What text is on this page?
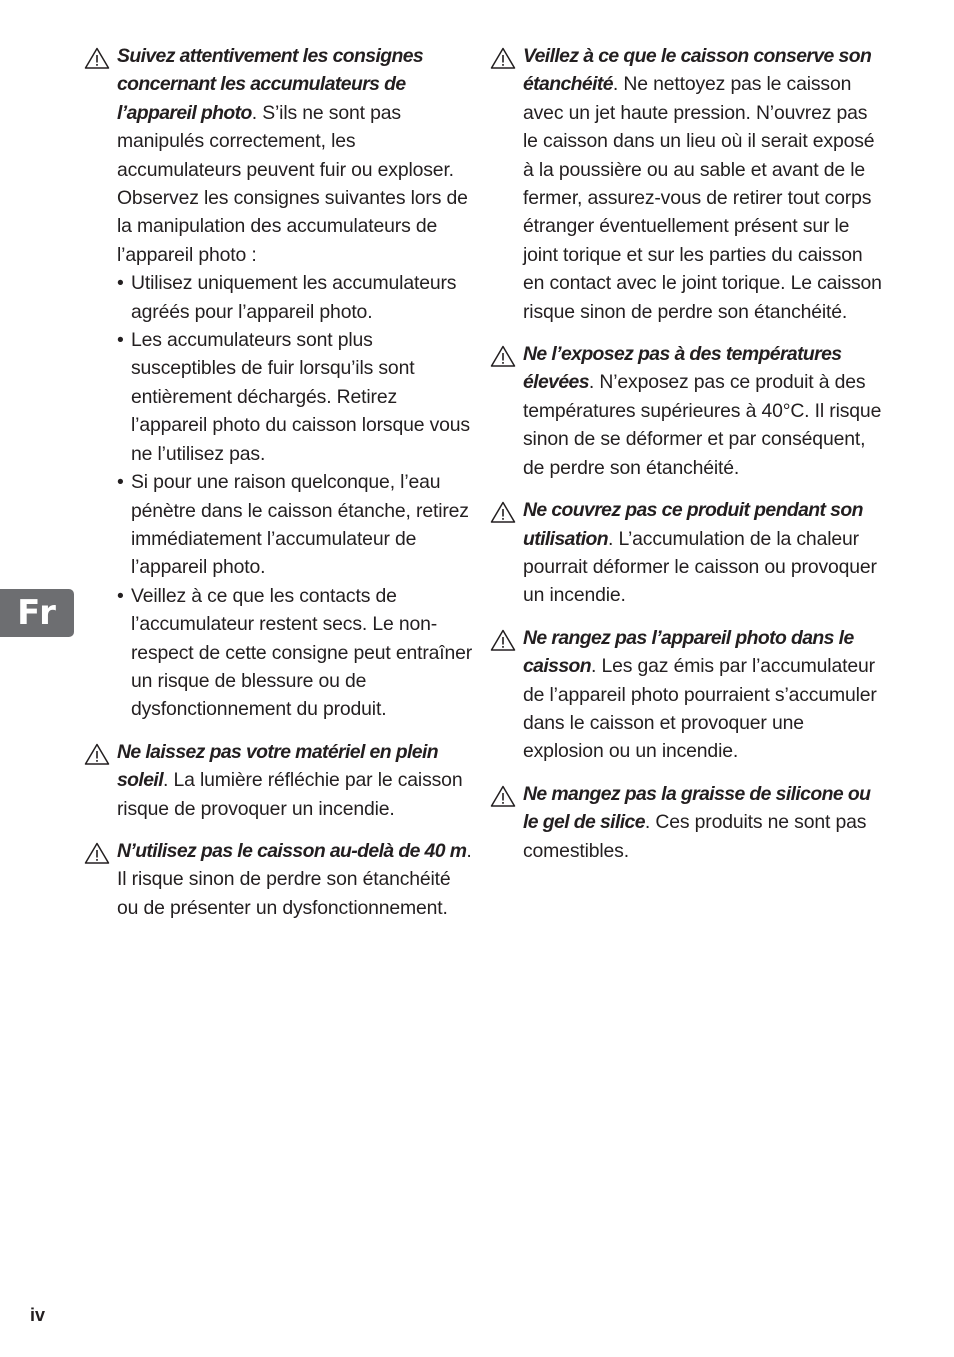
Fr
Suivez attentivement les consignes concernant les accumulateurs de l’appareil photo. S’ils ne sont pas manipulés correctement, les accumulateurs peuvent fuir ou exploser. Observez les consignes suivantes lors de la manipulation des accumulateurs de l’appareil photo :
• Utilisez uniquement les accumulateurs agréés pour l’appareil photo.
• Les accumulateurs sont plus susceptibles de fuir lorsqu’ils sont entièrement déchargés. Retirez l’appareil photo du caisson lorsque vous ne l’utilisez pas.
• Si pour une raison quelconque, l’eau pénètre dans le caisson étanche, retirez immédiatement l’accumulateur de l’appareil photo.
• Veillez à ce que les contacts de l’accumulateur restent secs. Le non-respect de cette consigne peut entraîner un risque de blessure ou de dysfonctionnement du produit.
Ne laissez pas votre matériel en plein soleil. La lumière réfléchie par le caisson risque de provoquer un incendie.
N’utilisez pas le caisson au-delà de 40 m. Il risque sinon de perdre son étanchéité ou de présenter un dysfonctionnement.
Veillez à ce que le caisson conserve son étanchéité. Ne nettoyez pas le caisson avec un jet haute pression. N’ouvrez pas le caisson dans un lieu où il serait exposé à la poussière ou au sable et avant de le fermer, assurez-vous de retirer tout corps étranger éventuellement présent sur le joint torique et sur les parties du caisson en contact avec le joint torique. Le caisson risque sinon de perdre son étanchéité.
Ne l’exposez pas à des températures élevées. N’exposez pas ce produit à des températures supérieures à 40°C. Il risque sinon de se déformer et par conséquent, de perdre son étanchéité.
Ne couvrez pas ce produit pendant son utilisation. L’accumulation de la chaleur pourrait déformer le caisson ou provoquer un incendie.
Ne rangez pas l’appareil photo dans le caisson. Les gaz émis par l’accumulateur de l’appareil photo pourraient s’accumuler dans le caisson et provoquer une explosion ou un incendie.
Ne mangez pas la graisse de silicone ou le gel de silice. Ces produits ne sont pas comestibles.
iv
